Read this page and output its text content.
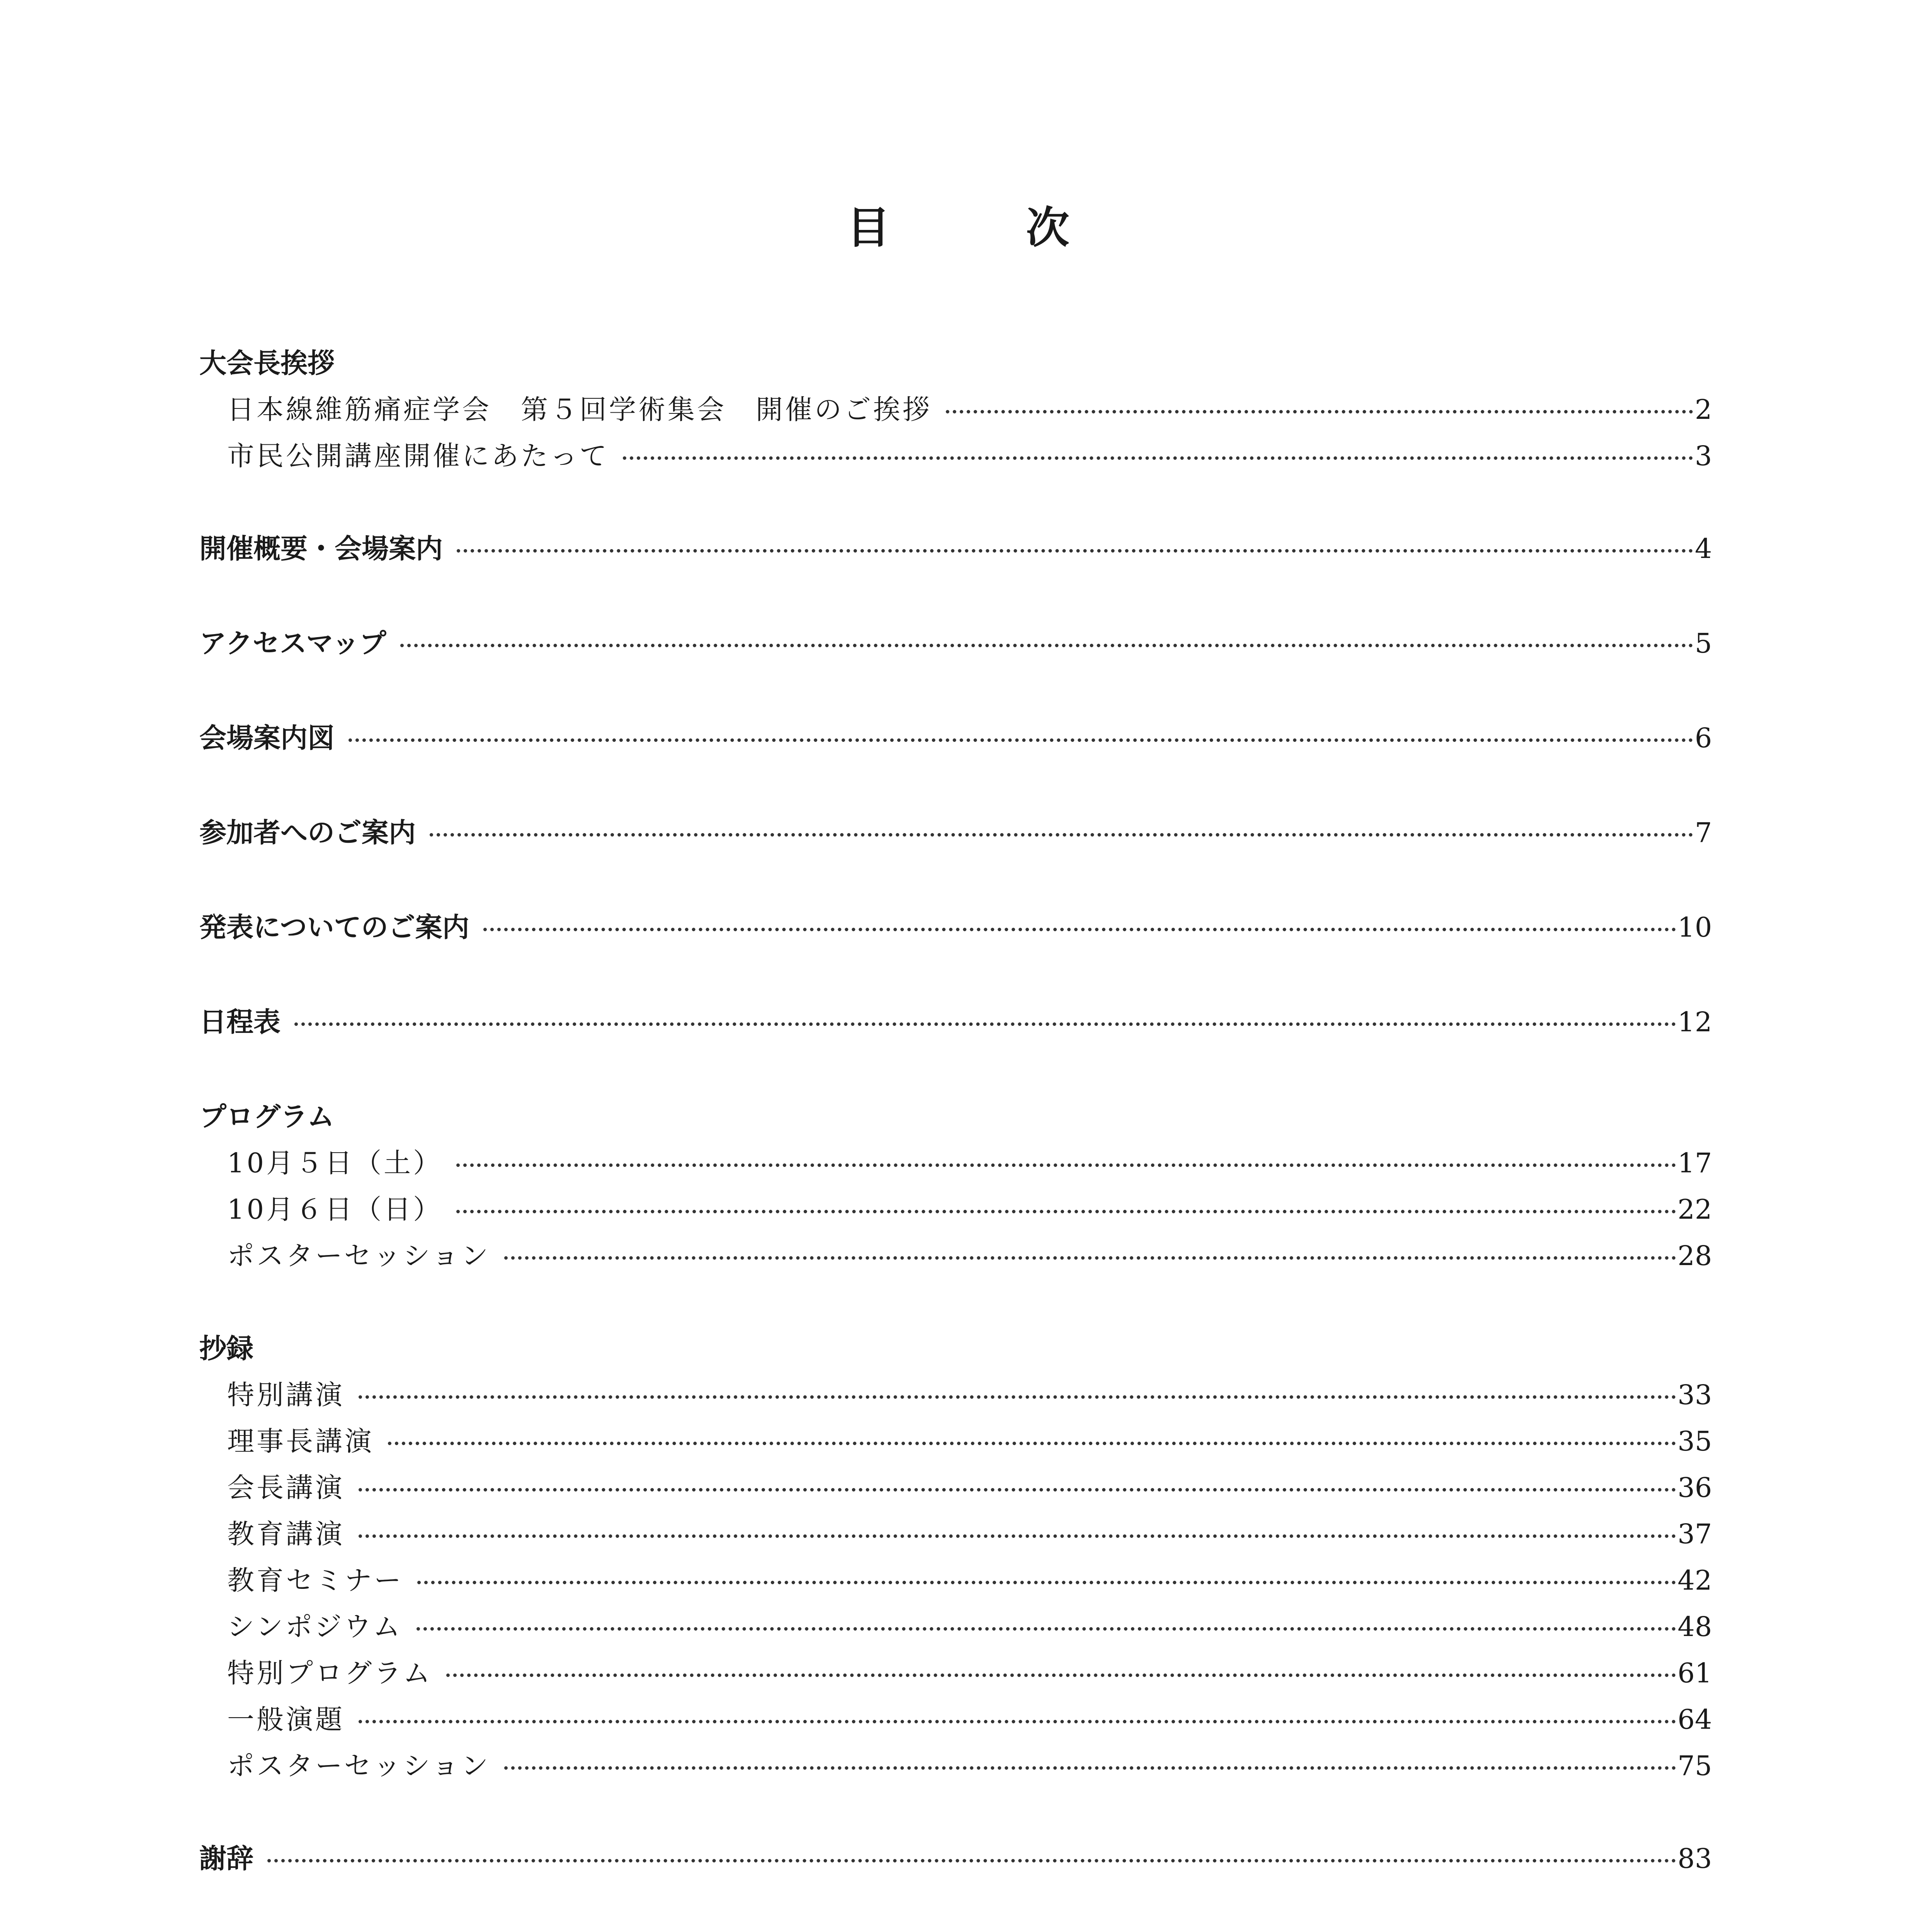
目　次
大会長挨拶
日本線維筋痛症学会　第５回学術集会　開催のご挨拶	2
市民公開講座開催にあたって	3
開催概要・会場案内	4
アクセスマップ	5
会場案内図	6
参加者へのご案内	7
発表についてのご案内	10
日程表	12
プログラム
10月５日（土）	17
10月６日（日）	22
ポスターセッション	28
抄録
特別講演	33
理事長講演	35
会長講演	36
教育講演	37
教育セミナー	42
シンポジウム	48
特別プログラム	61
一般演題	64
ポスターセッション	75
謝辞	83
